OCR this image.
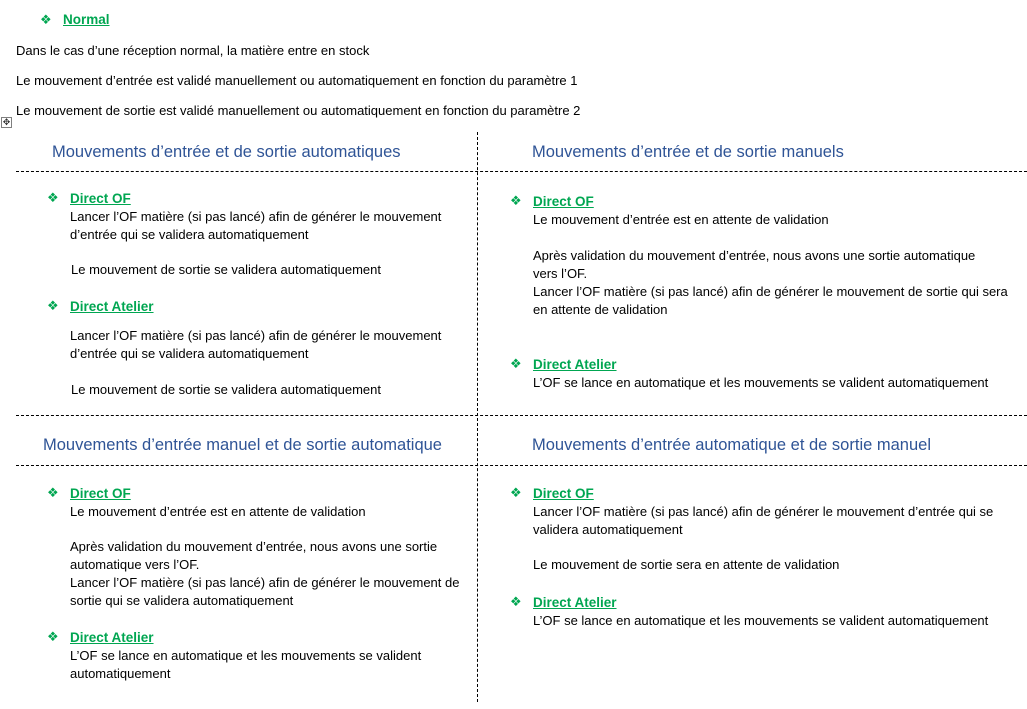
❖ Normal
Dans le cas d’une réception normal, la matière entre en stock
Le mouvement d’entrée est validé manuellement ou automatiquement en fonction du paramètre 1
Le mouvement de sortie est validé manuellement ou automatiquement en fonction du paramètre 2
✥
Mouvements d’entrée et de sortie automatiques
❖ Direct OF
Lancer l’OF matière (si pas lancé) afin de générer le mouvement
d’entrée qui se validera automatiquement
Le mouvement de sortie se validera automatiquement
❖ Direct Atelier
Lancer l’OF matière (si pas lancé) afin de générer le mouvement
d’entrée qui se validera automatiquement
Le mouvement de sortie se validera automatiquement
Mouvements d’entrée et de sortie manuels
❖ Direct OF
Le mouvement d’entrée est en attente de validation
Après validation du mouvement d’entrée, nous avons une sortie automatique
vers l’OF.
Lancer l’OF matière (si pas lancé) afin de générer le mouvement de sortie qui sera
en attente de validation
❖ Direct Atelier
L’OF se lance en automatique et les mouvements se valident automatiquement
Mouvements d’entrée manuel et de sortie automatique
❖ Direct OF
Le mouvement d’entrée est en attente de validation
Après validation du mouvement d’entrée, nous avons une sortie
automatique vers l’OF.
Lancer l’OF matière (si pas lancé) afin de générer le mouvement de
sortie qui se validera automatiquement
❖ Direct Atelier
L’OF se lance en automatique et les mouvements se valident
automatiquement
Mouvements d’entrée automatique et de sortie manuel
❖ Direct OF
Lancer l’OF matière (si pas lancé) afin de générer le mouvement d’entrée qui se
validera automatiquement
Le mouvement de sortie sera en attente de validation
❖ Direct Atelier
L’OF se lance en automatique et les mouvements se valident automatiquement
